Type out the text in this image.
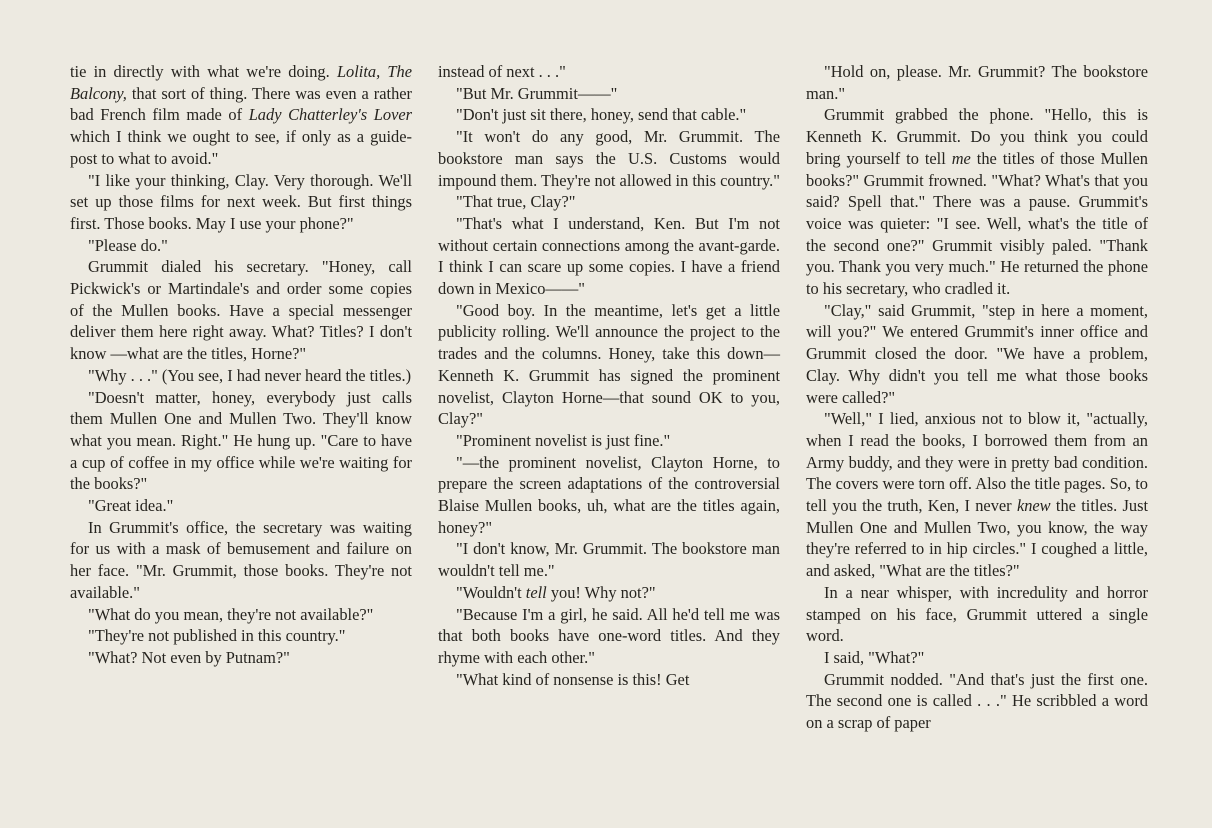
tie in directly with what we're doing. Lolita, The Balcony, that sort of thing. There was even a rather bad French film made of Lady Chatterley's Lover which I think we ought to see, if only as a guide-post to what to avoid."

"I like your thinking, Clay. Very thorough. We'll set up those films for next week. But first things first. Those books. May I use your phone?"

"Please do."

Grummit dialed his secretary. "Honey, call Pickwick's or Martindale's and order some copies of the Mullen books. Have a special messenger deliver them here right away. What? Titles? I don't know —what are the titles, Horne?"

"Why . . ." (You see, I had never heard the titles.)

"Doesn't matter, honey, everybody just calls them Mullen One and Mullen Two. They'll know what you mean. Right." He hung up. "Care to have a cup of coffee in my office while we're waiting for the books?"

"Great idea."

In Grummit's office, the secretary was waiting for us with a mask of bemusement and failure on her face. "Mr. Grummit, those books. They're not available."

"What do you mean, they're not available?"

"They're not published in this country."

"What? Not even by Putnam?"

instead of next . . ."

"But Mr. Grummit——"

"Don't just sit there, honey, send that cable."

"It won't do any good, Mr. Grummit. The bookstore man says the U.S. Customs would impound them. They're not allowed in this country."

"That true, Clay?"

"That's what I understand, Ken. But I'm not without certain connections among the avant-garde. I think I can scare up some copies. I have a friend down in Mexico——"

"Good boy. In the meantime, let's get a little publicity rolling. We'll announce the project to the trades and the columns. Honey, take this down—Kenneth K. Grummit has signed the prominent novelist, Clayton Horne—that sound OK to you, Clay?"

"Prominent novelist is just fine."

"—the prominent novelist, Clayton Horne, to prepare the screen adaptations of the controversial Blaise Mullen books, uh, what are the titles again, honey?"

"I don't know, Mr. Grummit. The bookstore man wouldn't tell me."

"Wouldn't tell you! Why not?"

"Because I'm a girl, he said. All he'd tell me was that both books have one-word titles. And they rhyme with each other."

"What kind of nonsense is this! Get

"Hold on, please. Mr. Grummit? The bookstore man."

Grummit grabbed the phone. "Hello, this is Kenneth K. Grummit. Do you think you could bring yourself to tell me the titles of those Mullen books?" Grummit frowned. "What? What's that you said? Spell that." There was a pause. Grummit's voice was quieter: "I see. Well, what's the title of the second one?" Grummit visibly paled. "Thank you. Thank you very much." He returned the phone to his secretary, who cradled it.

"Clay," said Grummit, "step in here a moment, will you?" We entered Grummit's inner office and Grummit closed the door. "We have a problem, Clay. Why didn't you tell me what those books were called?"

"Well," I lied, anxious not to blow it, "actually, when I read the books, I borrowed them from an Army buddy, and they were in pretty bad condition. The covers were torn off. Also the title pages. So, to tell you the truth, Ken, I never knew the titles. Just Mullen One and Mullen Two, you know, the way they're referred to in hip circles." I coughed a little, and asked, "What are the titles?"

In a near whisper, with incredulity and horror stamped on his face, Grummit uttered a single word.

I said, "What?"

Grummit nodded. "And that's just the first one. The second one is called . . ." He scribbled a word on a scrap of paper
